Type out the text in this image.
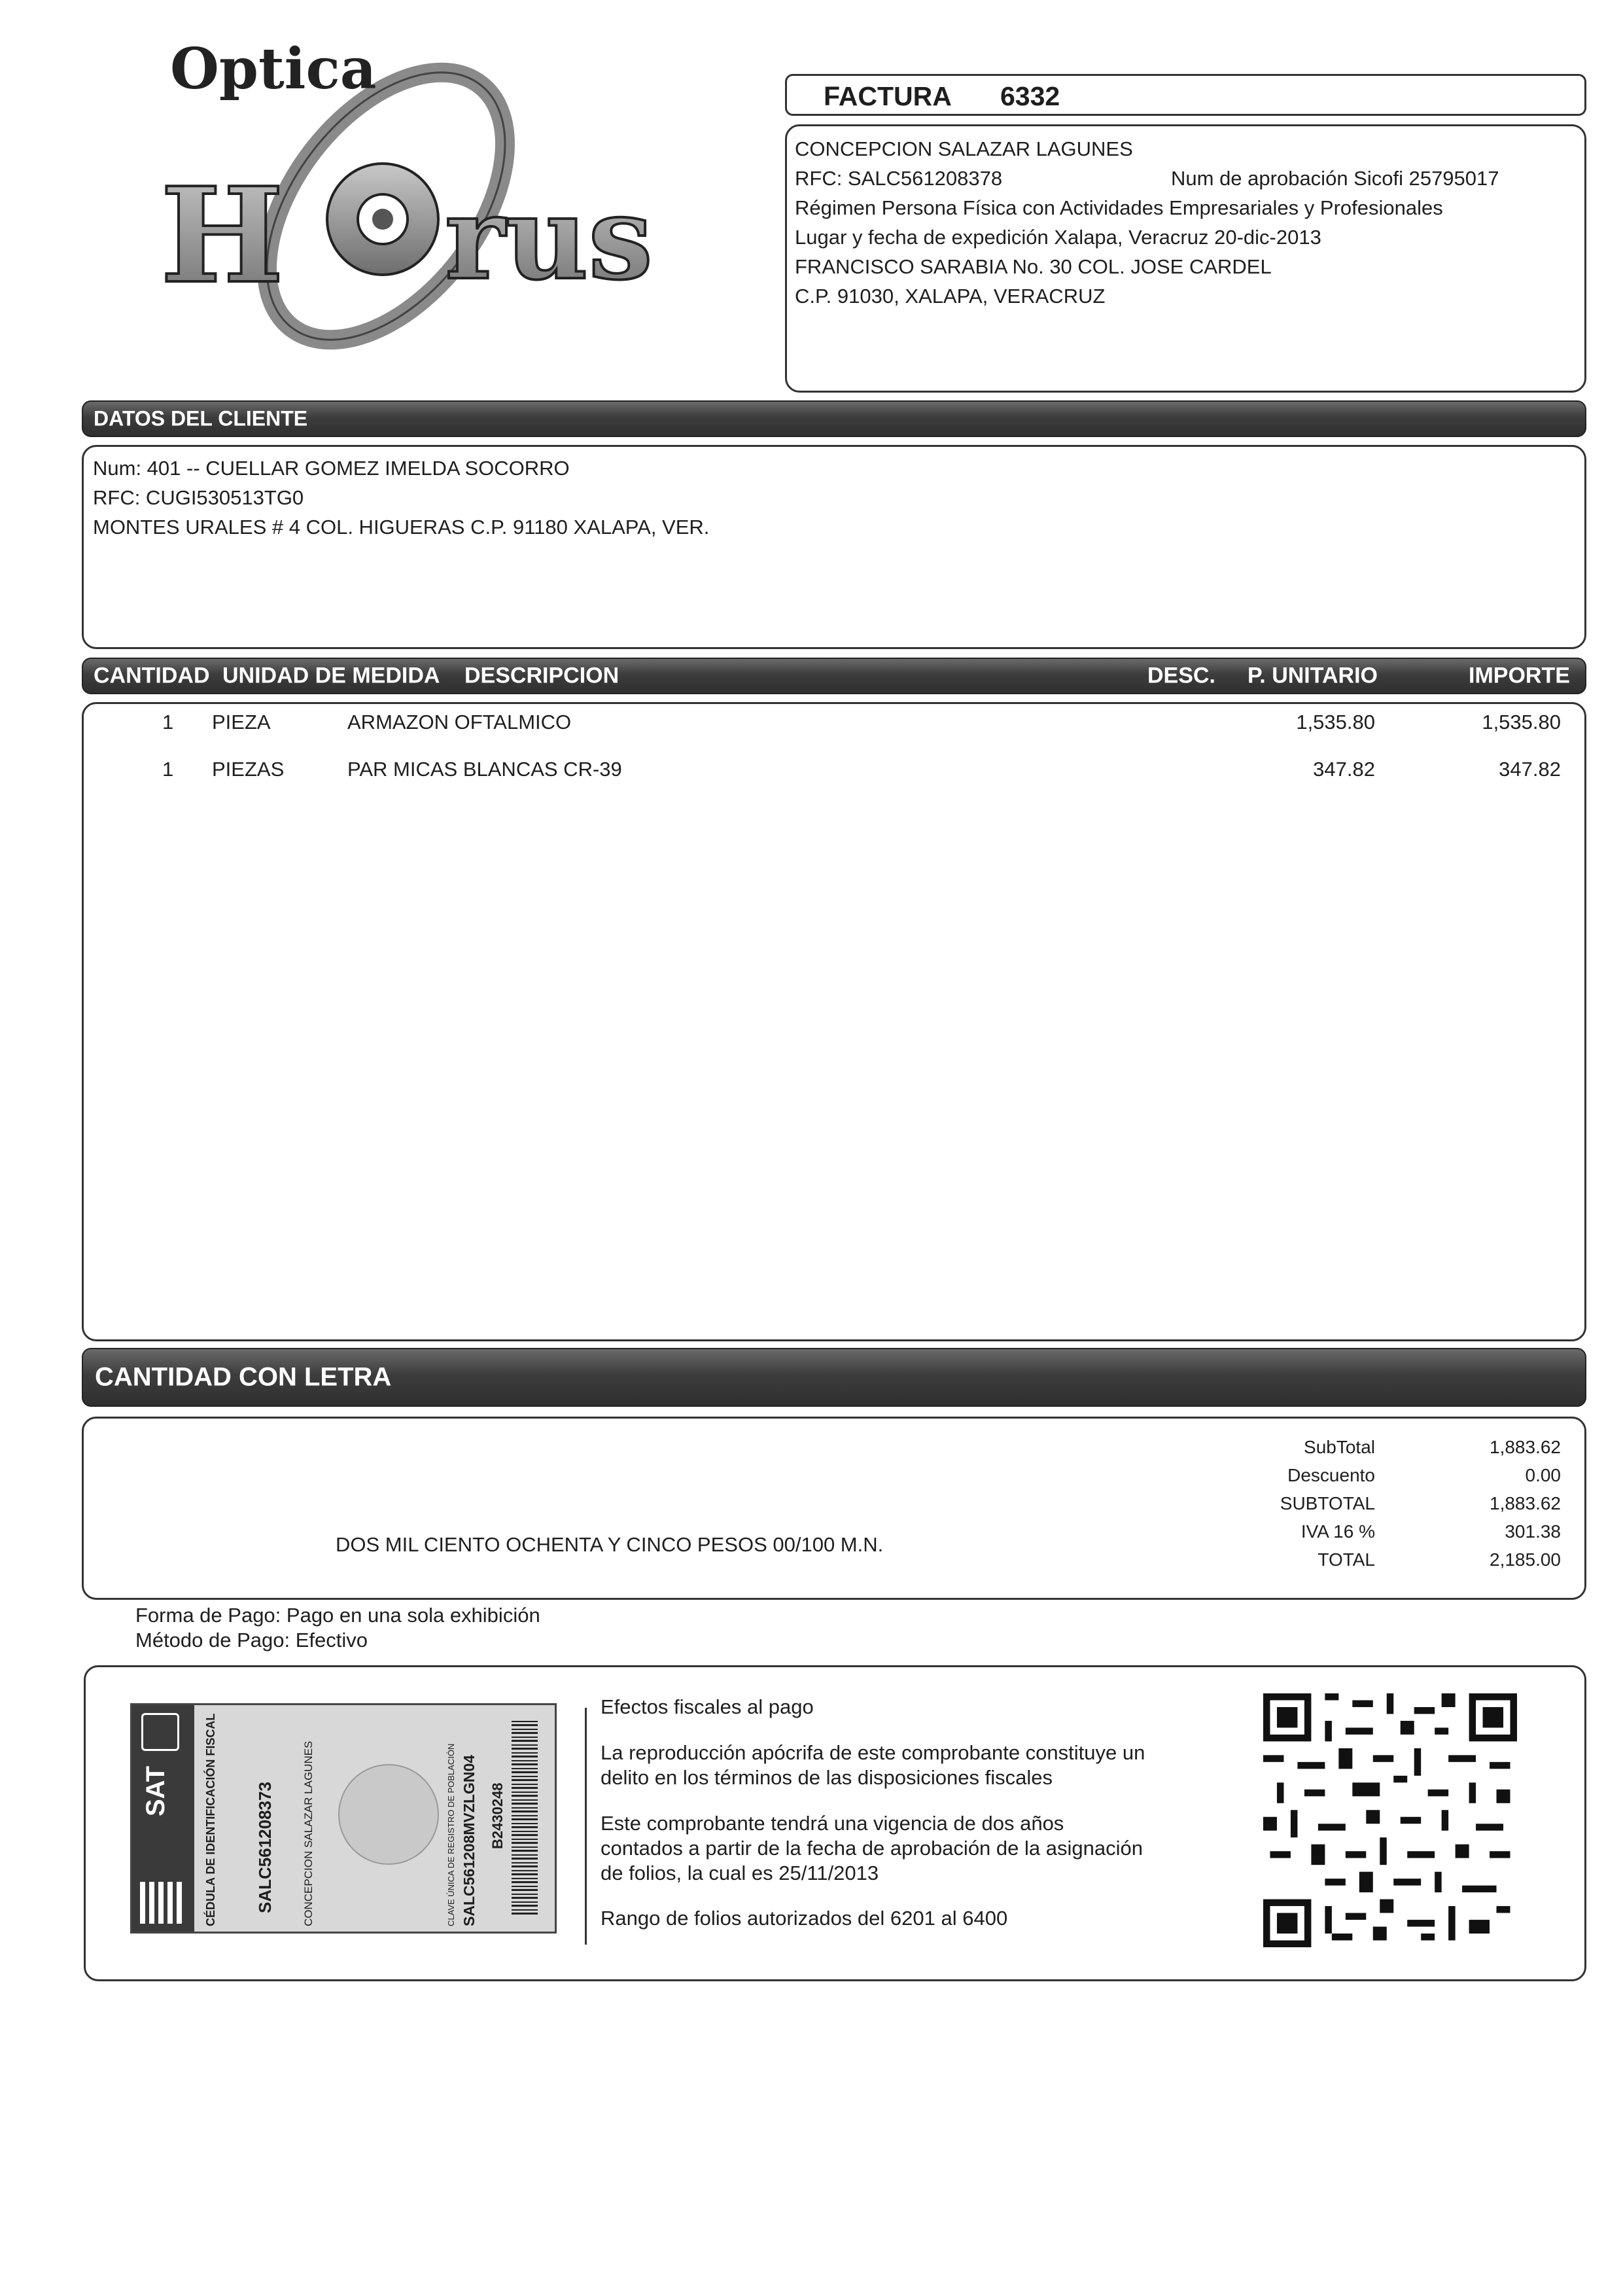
H rus
Optica	FACTURA 6332
CONCEPCION SALAZAR LAGUNES
RFC: SALC561208378	Num de aprobación Sicofi 25795017
Régimen Persona Física con Actividades Empresariales y Profesionales
Lugar y fecha de expedición Xalapa, Veracruz 20-dic-2013
FRANCISCO SARABIA No. 30 COL. JOSE CARDEL
C.P. 91030, XALAPA, VERACRUZ
DATOS DEL CLIENTE
Num: 401 -- CUELLAR GOMEZ IMELDA SOCORRO
RFC: CUGI530513TG0
MONTES URALES # 4 COL. HIGUERAS C.P. 91180 XALAPA, VER.
CANTIDAD UNIDAD DE MEDIDA DESCRIPCION	DESC. P. UNITARIO	IMPORTE
1 PIEZA	ARMAZON OFTALMICO	1,535.80	1,535.80
1 PIEZAS	PAR MICAS BLANCAS CR-39	347.82	347.82
CANTIDAD CON LETRA
DOS MIL CIENTO OCHENTA Y CINCO PESOS 00/100 M.N.
SubTotal	1,883.62
Descuento	0.00
SUBTOTAL	1,883.62
IVA 16 %	301.38
TOTAL	2,185.00
Forma de Pago: Pago en una sola exhibición
Método de Pago: Efectivo
SAT	CÉDULA DE IDENTIFICACIÓN FISCAL SALC561208373 CONCEPCION SALAZAR LAGUNES	CLAVE ÚNICA DE REGISTRO DE POBLACIÓN SALC561208MVZLGN04 B2430248
Efectos fiscales al pago
La reproducción apócrifa de este comprobante constituye un
delito en los términos de las disposiciones fiscales
Este comprobante tendrá una vigencia de dos años
contados a partir de la fecha de aprobación de la asignación
de folios, la cual es 25/11/2013
Rango de folios autorizados del 6201 al 6400
